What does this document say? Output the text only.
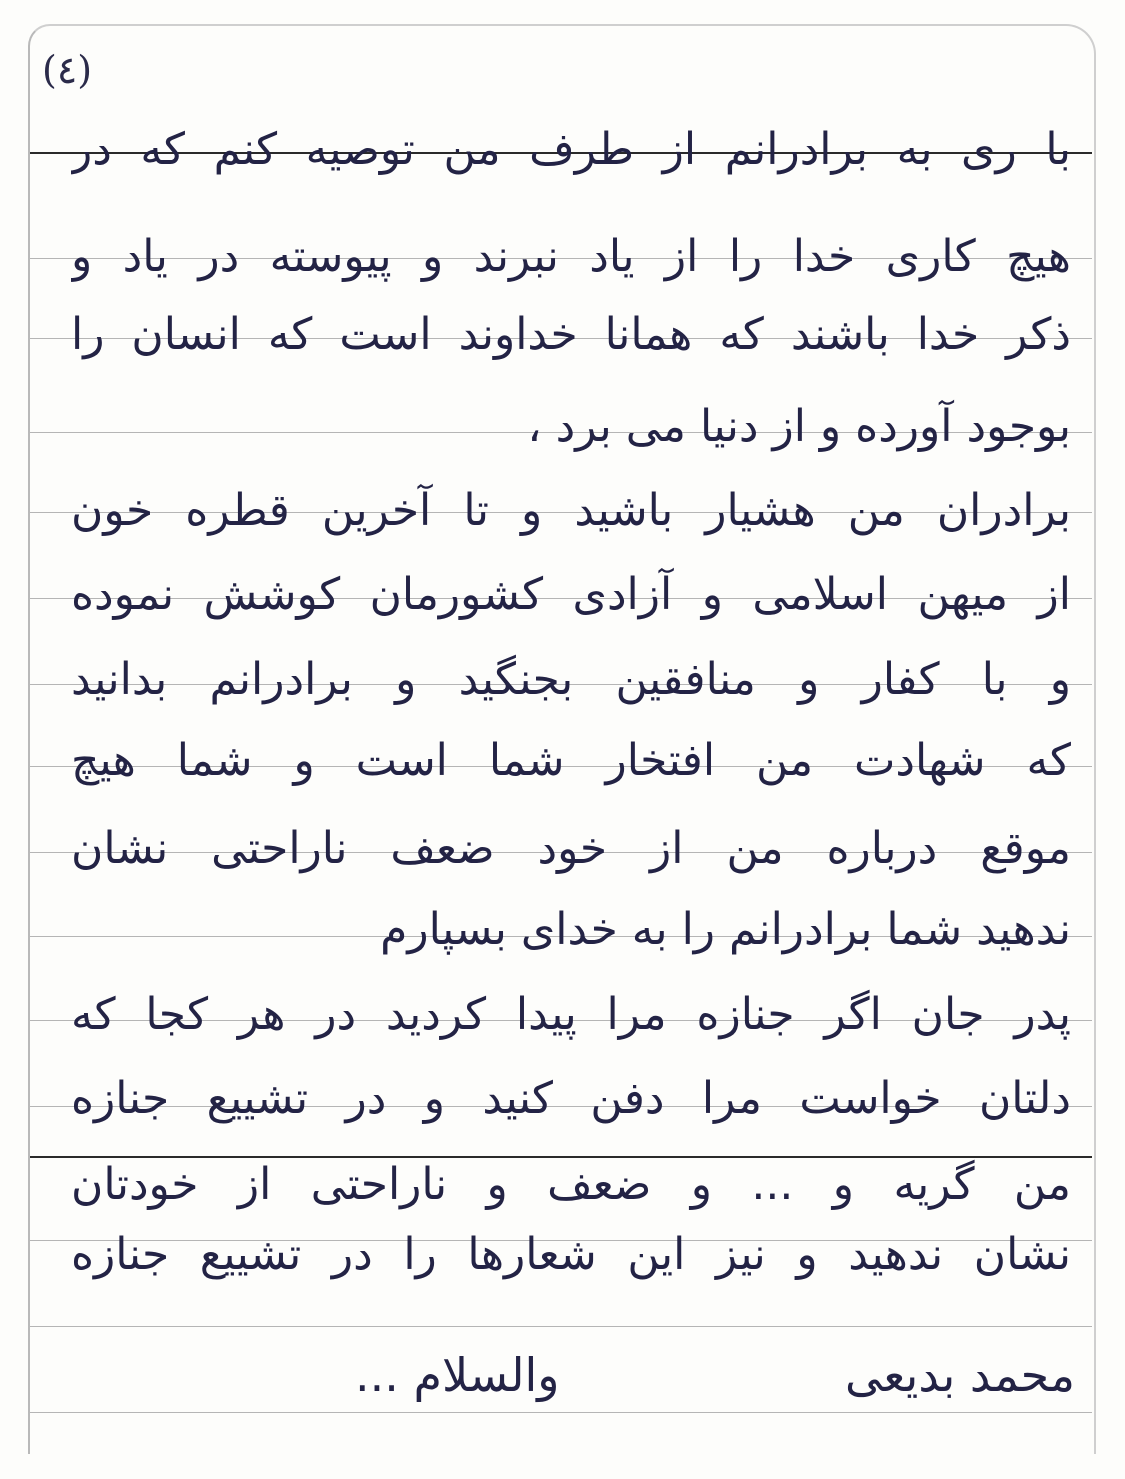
(٤)
با ری به برادرانم از طرف من توصیه کنم که در
هیچ کاری خدا را از یاد نبرند و پیوسته در یاد و
ذکر خدا باشند که همانا خداوند است که انسان را
بوجود آورده و از دنیا می برد ،
برادران من هشیار باشید و تا آخرین قطره خون
از میهن اسلامی و آزادی کشورمان کوشش نموده
و با کفار و منافقین بجنگید و برادرانم بدانید
که شهادت من افتخار شما است و شما هیچ
موقع درباره من از خود ضعف ناراحتی نشان
ندهید شما برادرانم را به خدای بسپارم
پدر جان اگر جنازه مرا پیدا کردید در هر کجا که
دلتان خواست مرا دفن کنید و در تشییع جنازه
من گریه و ... و ضعف و ناراحتی از خودتان
نشان ندهید و نیز این شعارها را در تشییع جنازه
محمد بدیعی
والسلام ...
